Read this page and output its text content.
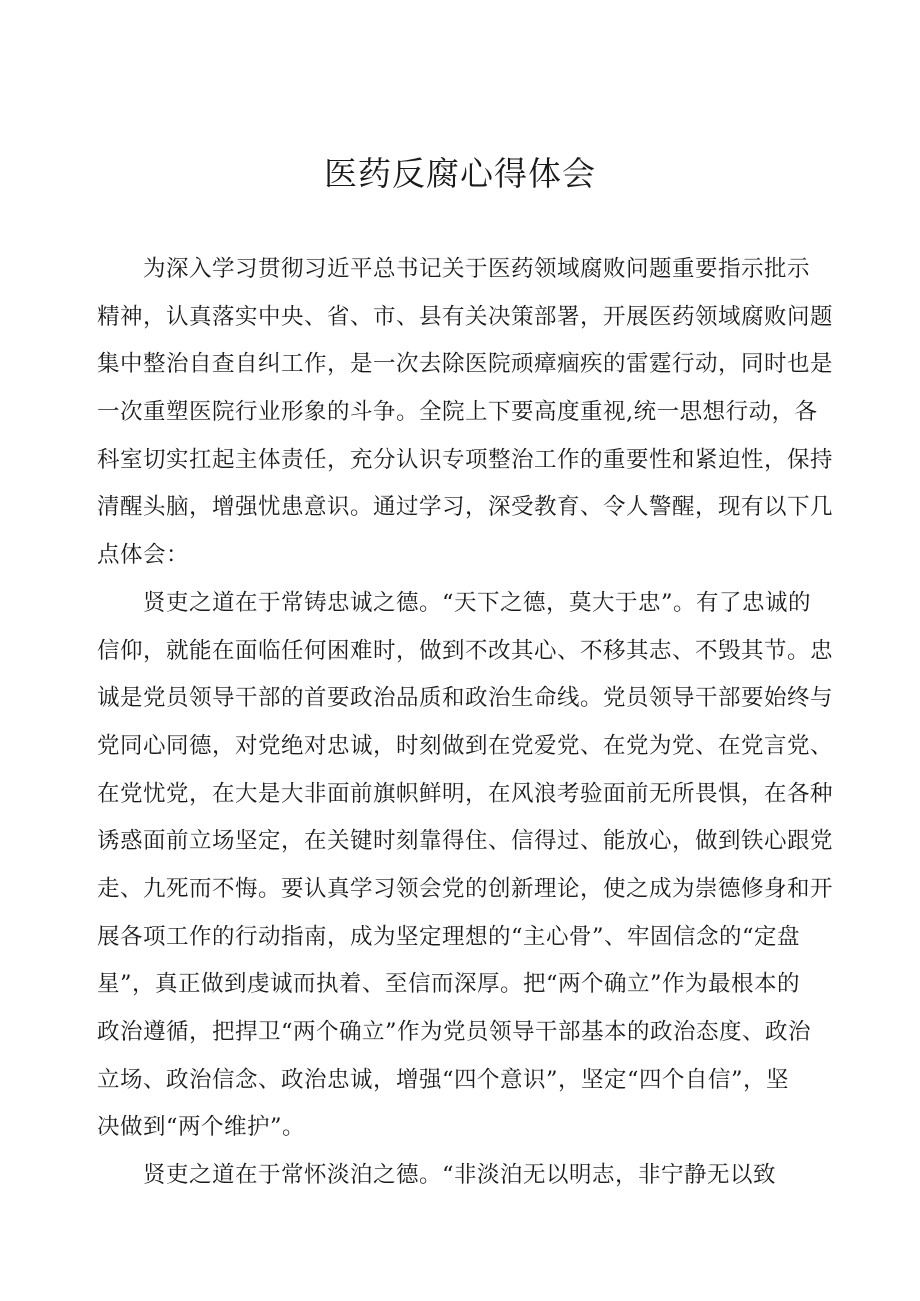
医药反腐心得体会
　　为深入学习贯彻习近平总书记关于医药领域腐败问题重要指示批示
精神，认真落实中央、省、市、县有关决策部署，开展医药领域腐败问题
集中整治自查自纠工作，是一次去除医院顽瘴痼疾的雷霆行动，同时也是
一次重塑医院行业形象的斗争。全院上下要高度重视,统一思想行动，各
科室切实扛起主体责任，充分认识专项整治工作的重要性和紧迫性，保持
清醒头脑，增强忧患意识。通过学习，深受教育、令人警醒，现有以下几
点体会：
　　贤吏之道在于常铸忠诚之德。“天下之德，莫大于忠”。有了忠诚的
信仰，就能在面临任何困难时，做到不改其心、不移其志、不毁其节。忠
诚是党员领导干部的首要政治品质和政治生命线。党员领导干部要始终与
党同心同德，对党绝对忠诚，时刻做到在党爱党、在党为党、在党言党、
在党忧党，在大是大非面前旗帜鲜明，在风浪考验面前无所畏惧，在各种
诱惑面前立场坚定，在关键时刻靠得住、信得过、能放心，做到铁心跟党
走、九死而不悔。要认真学习领会党的创新理论，使之成为崇德修身和开
展各项工作的行动指南，成为坚定理想的“主心骨”、牢固信念的“定盘
星”，真正做到虔诚而执着、至信而深厚。把“两个确立”作为最根本的
政治遵循，把捍卫“两个确立”作为党员领导干部基本的政治态度、政治
立场、政治信念、政治忠诚，增强“四个意识”，坚定“四个自信”，坚
决做到“两个维护”。
　　贤吏之道在于常怀淡泊之德。“非淡泊无以明志，非宁静无以致
